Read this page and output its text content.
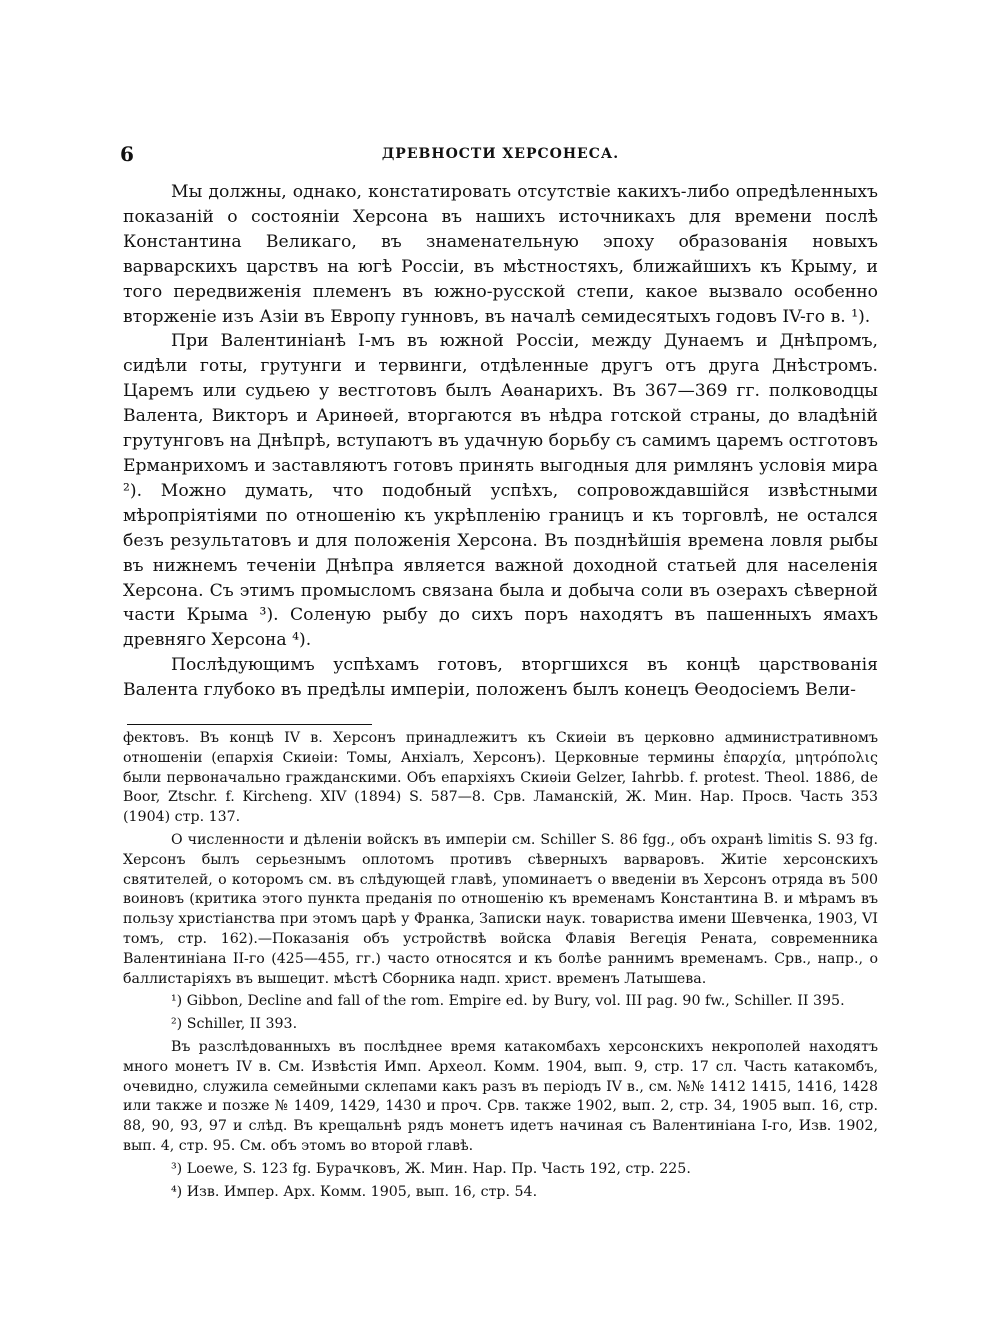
6	ДРЕВНОСТИ ХЕРСОНЕСА.

Мы должны, однако, констатировать отсутствіе какихъ-либо опредѣленныхъ показаній о состояніи Херсона въ нашихъ источникахъ для времени послѣ Константина Великаго, въ знаменательную эпоху образованія новыхъ варварскихъ царствъ на югѣ Россіи, въ мѣстностяхъ, ближайшихъ къ Крыму, и того передвиженія племенъ въ южно-русской степи, какое вызвало особенно вторженіе изъ Азіи въ Европу гунновъ, въ началѣ семидесятыхъ годовъ IV-го в. ¹).

При Валентиніанѣ I-мъ въ южной Россіи, между Дунаемъ и Днѣпромъ, сидѣли готы, грутунги и тервинги, отдѣленные другъ отъ друга Днѣстромъ. Царемъ или судьею у вестготовъ былъ Аѳанарихъ. Въ 367—369 гг. полководцы Валента, Викторъ и Аринѳей, вторгаются въ нѣдра готской страны, до владѣній грутунговъ на Днѣпрѣ, вступаютъ въ удачную борьбу съ самимъ царемъ остготовъ Ерманрихомъ и заставляютъ готовъ принять выгодныя для римлянъ условія мира ²). Можно думать, что подобный успѣхъ, сопровождавшійся извѣстными мѣропріятіями по отношенію къ укрѣпленію границъ и къ торговлѣ, не остался безъ результатовъ и для положенія Херсона. Въ позднѣйшія времена ловля рыбы въ нижнемъ теченіи Днѣпра является важной доходной статьей для населенія Херсона. Съ этимъ промысломъ связана была и добыча соли въ озерахъ сѣверной части Крыма ³). Соленую рыбу до сихъ поръ находятъ въ пашенныхъ ямахъ древняго Херсона ⁴).

Послѣдующимъ успѣхамъ готовъ, вторгшихся въ концѣ царствованія Валента глубоко въ предѣлы имперіи, положенъ былъ конецъ Ѳеодосіемъ Вели-

фектовъ. Въ концѣ IV в. Херсонъ принадлежитъ къ Скиѳіи въ церковно административномъ отношеніи (епархія Скиѳіи: Томы, Анхіалъ, Херсонъ). Церковные термины ἐπαρχία, μητρόπολις были первоначально гражданскими. Объ епархіяхъ Скиѳіи Gelzer, Iahrbb. f. protest. Theol. 1886, de Boor, Ztschr. f. Kircheng. XIV (1894) S. 587—8. Срв. Ламанскій, Ж. Мин. Нар. Просв. Часть 353 (1904) стр. 137.

О численности и дѣленіи войскъ въ имперіи см. Schiller S. 86 fgg., объ охранѣ limitis S. 93 fg. Херсонъ былъ серьезнымъ оплотомъ противъ сѣверныхъ варваровъ. Житіе херсонскихъ святителей, о которомъ см. въ слѣдующей главѣ, упоминаетъ о введеніи въ Херсонъ отряда въ 500 воиновъ (критика этого пункта преданія по отношенію къ временамъ Константина В. и мѣрамъ въ пользу христіанства при этомъ царѣ у Франка, Записки наук. товариства имени Шевченка, 1903, VI томъ, стр. 162).—Показанія объ устройствѣ войска Флавія Вегеція Рената, современника Валентиніана II-го (425—455, гг.) часто относятся и къ болѣе раннимъ временамъ. Срв., напр., о баллистаріяхъ въ вышецит. мѣстѣ Сборника надп. христ. временъ Латышева.

¹) Gibbon, Decline and fall of the rom. Empire ed. by Bury, vol. III pag. 90 fw., Schiller. II 395.

²) Schiller, II 393.

Въ разслѣдованныхъ въ послѣднее время катакомбахъ херсонскихъ некрополей находятъ много монетъ IV в. См. Извѣстія Имп. Археол. Комм. 1904, вып. 9, стр. 17 сл. Часть катакомбъ, очевидно, служила семейными склепами какъ разъ въ періодъ IV в., см. №№ 1412 1415, 1416, 1428 или также и позже № 1409, 1429, 1430 и проч. Срв. также 1902, вып. 2, стр. 34, 1905 вып. 16, стр. 88, 90, 93, 97 и слѣд. Въ крещальнѣ рядъ монетъ идетъ начиная съ Валентиніана I-го, Изв. 1902, вып. 4, стр. 95. См. объ этомъ во второй главѣ.

³) Loewe, S. 123 fg. Бурачковъ, Ж. Мин. Нар. Пр. Часть 192, стр. 225.

⁴) Изв. Импер. Арх. Комм. 1905, вып. 16, стр. 54.
